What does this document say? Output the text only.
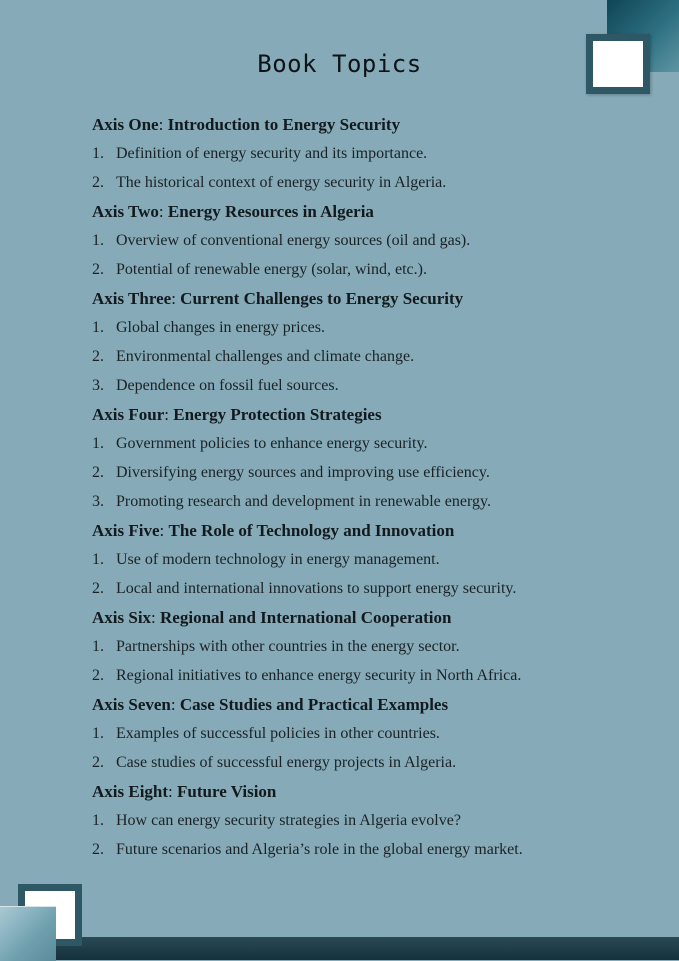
Book Topics
Axis One: Introduction to Energy Security
1. Definition of energy security and its importance.
2. The historical context of energy security in Algeria.
Axis Two: Energy Resources in Algeria
1. Overview of conventional energy sources (oil and gas).
2. Potential of renewable energy (solar, wind, etc.).
Axis Three: Current Challenges to Energy Security
1. Global changes in energy prices.
2. Environmental challenges and climate change.
3. Dependence on fossil fuel sources.
Axis Four: Energy Protection Strategies
1. Government policies to enhance energy security.
2. Diversifying energy sources and improving use efficiency.
3. Promoting research and development in renewable energy.
Axis Five: The Role of Technology and Innovation
1. Use of modern technology in energy management.
2. Local and international innovations to support energy security.
Axis Six: Regional and International Cooperation
1. Partnerships with other countries in the energy sector.
2. Regional initiatives to enhance energy security in North Africa.
Axis Seven: Case Studies and Practical Examples
1. Examples of successful policies in other countries.
2. Case studies of successful energy projects in Algeria.
Axis Eight: Future Vision
1. How can energy security strategies in Algeria evolve?
2. Future scenarios and Algeria’s role in the global energy market.
